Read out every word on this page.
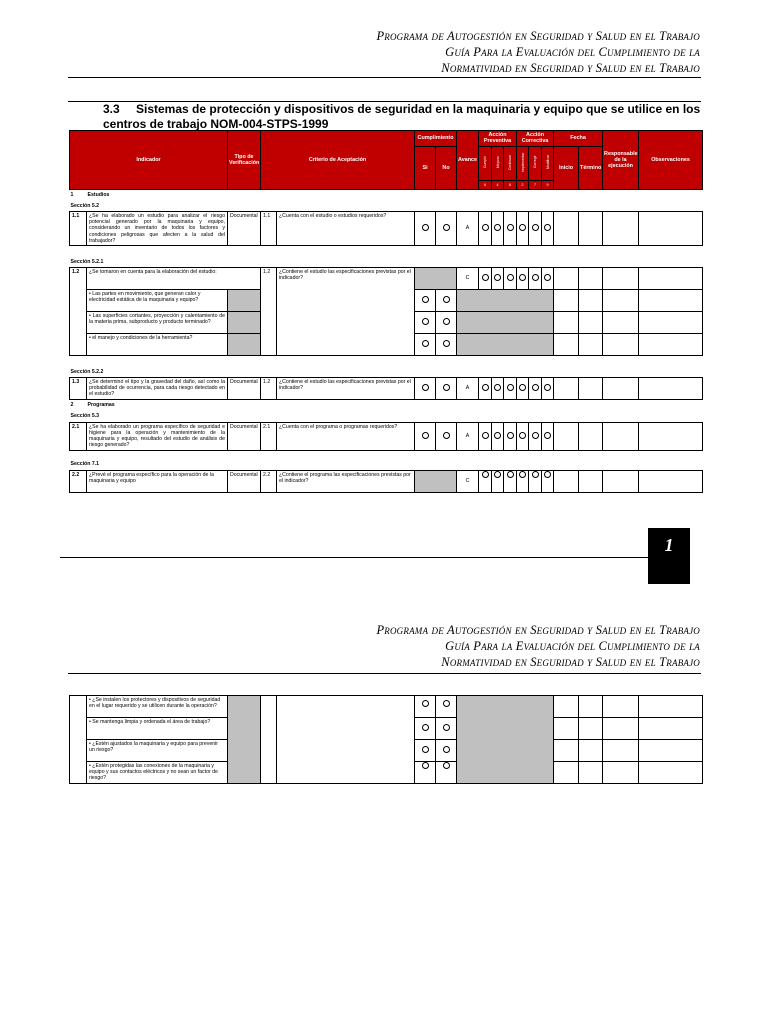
Programa de Autogestión en Seguridad y Salud en el Trabajo
Guía Para la Evaluación del Cumplimiento de la
Normatividad en Seguridad y Salud en el Trabajo
3.3 Sistemas de protección y dispositivos de seguridad en la maquinaria y equipo que se utilice en los centros de trabajo NOM-004-STPS-1999
Indicador		Tipo de Verificación	Criterio de Aceptación		Cumplimiento		Avance	Acción Preventiva			Acción Correctiva			Fecha		Responsable de la ejecución	Observaciones
					Si	No		Cumplir	Mejorar	Continuar	Implementar	Corregir	Modificar	Inicio	Término		
								6	4	8	2	7	9				
1	Estudios																
Sección 5.2																	
1.1	¿Se ha elaborado un estudio para analizar el riesgo potencial generado por la maquinaria y equipo, considerando un inventario de todos los factores y condiciones peligrosas que afecten a la salud del trabajador?	Documental	1.1	¿Cuenta con el estudio o estudios requeridos?			A										
Sección 5.2.1																	
1.2	¿Se tomaron en cuenta para la elaboración del estudio:		1.2	¿Contiene el estudio las especificaciones previstas por el indicador?			C										
	• Las partes en movimiento, que generan calor y electricidad estática de la maquinaria y equipo?																
	• Las superficies cortantes, proyección y calentamiento de la materia prima, subproducto y producto terminado?																
	• el manejo y condiciones de la herramienta?																
Sección 5.2.2																	
1.3	¿Se determinó el tipo y la gravedad del daño, así como la probabilidad de ocurrencia, para cada riesgo detectado en el estudio?	Documental	1.2	¿Contiene el estudio las especificaciones previstas por el indicador?			A										
2	Programas																
Sección 5.3																	
2.1	¿Se ha elaborado un programa específico de seguridad e higiene para la operación y mantenimiento de la maquinaria y equipo, resultado del estudio de análisis de riesgo generado?	Documental	2.1	¿Cuenta con el programa o programas requeridos?			A										
Sección 7.1																	
2.2	¿Prevé el programa específico para la operación de la maquinaria y equipo	Documental	2.2	¿Contiene el programa las especificaciones previstas por el indicador?			C										
1
Programa de Autogestión en Seguridad y Salud en el Trabajo
Guía Para la Evaluación del Cumplimiento de la
Normatividad en Seguridad y Salud en el Trabajo
	• ¿Se instalen los protectores y dispositivos de seguridad en el lugar requerido y se utilicen durante la operación?										
	• Se mantenga limpia y ordenada el área de trabajo?										
	• ¿Estén ajustados la maquinaria y equipo para prevenir un riesgo?										
	• ¿Estén protegidas las conexiones de la maquinaria y equipo y sus contactos eléctricos y no sean un factor de riesgo?										
